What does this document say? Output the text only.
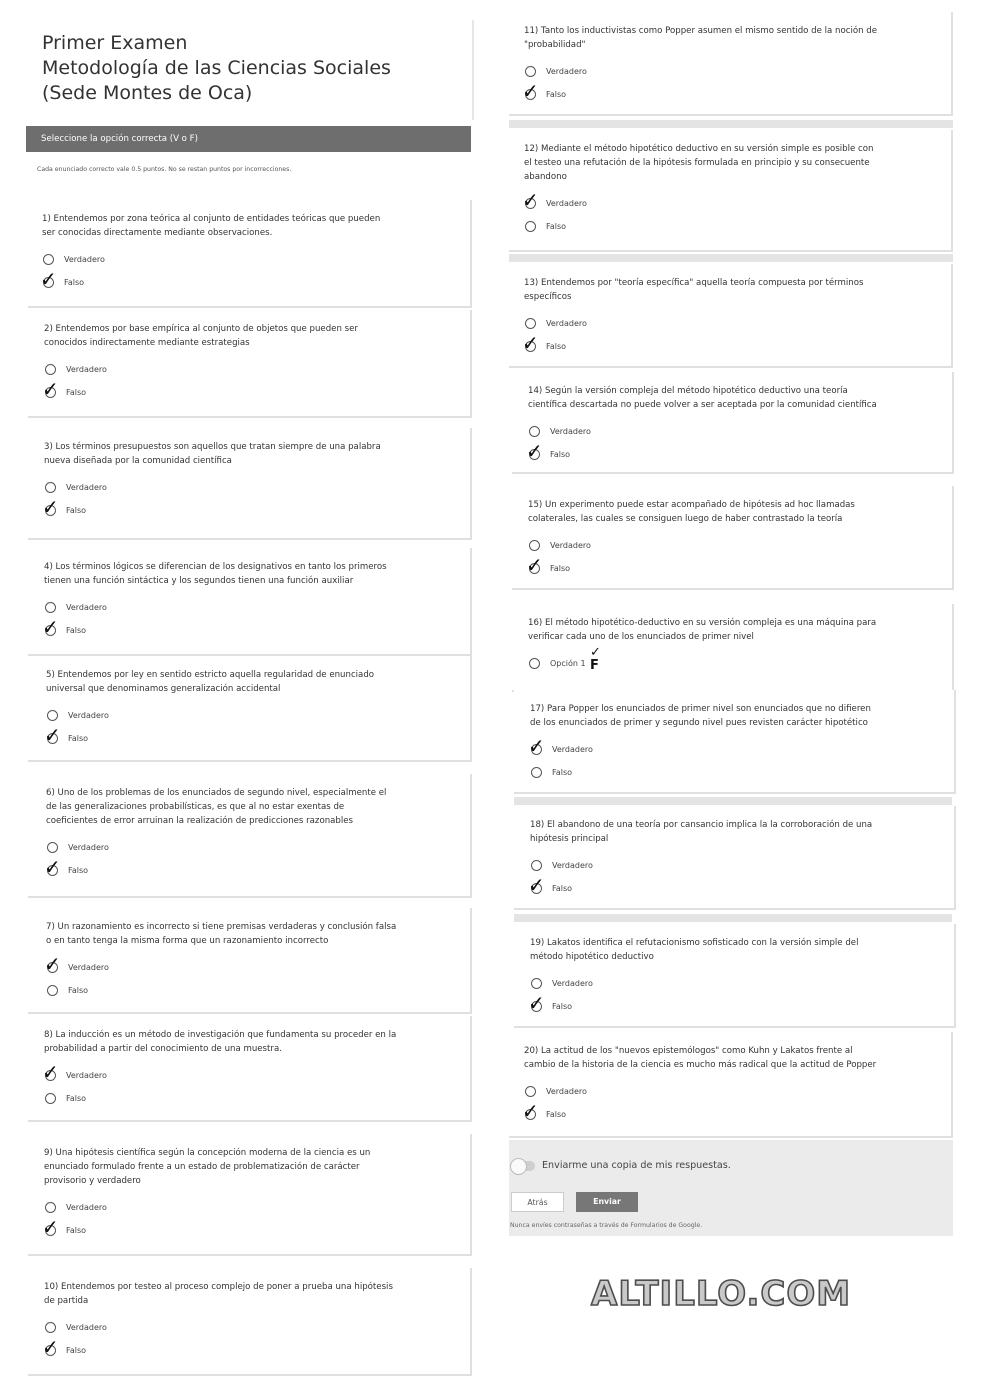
Primer Examen
Metodología de las Ciencias Sociales
(Sede Montes de Oca)
Seleccione la opción correcta (V o F)
Cada enunciado correcto vale 0.5 puntos. No se restan puntos por incorrecciones.
1) Entendemos por zona teórica al conjunto de entidades teóricas que pueden
ser conocidas directamente mediante observaciones.
Verdadero
✓ Falso
2) Entendemos por base empírica al conjunto de objetos que pueden ser
conocidos indirectamente mediante estrategias
Verdadero
✓ Falso
3) Los términos presupuestos son aquellos que tratan siempre de una palabra
nueva diseñada por la comunidad científica
Verdadero
✓ Falso
4) Los términos lógicos se diferencian de los designativos en tanto los primeros
tienen una función sintáctica y los segundos tienen una función auxiliar
Verdadero
✓ Falso
5) Entendemos por ley en sentido estricto aquella regularidad de enunciado
universal que denominamos generalización accidental
Verdadero
✓ Falso
6) Uno de los problemas de los enunciados de segundo nivel, especialmente el
de las generalizaciones probabilísticas, es que al no estar exentas de
coeficientes de error arruinan la realización de predicciones razonables
Verdadero
✓ Falso
7) Un razonamiento es incorrecto si tiene premisas verdaderas y conclusión falsa
o en tanto tenga la misma forma que un razonamiento incorrecto
✓ Verdadero
Falso
8) La inducción es un método de investigación que fundamenta su proceder en la
probabilidad a partir del conocimiento de una muestra.
✓ Verdadero
Falso
9) Una hipótesis científica según la concepción moderna de la ciencia es un
enunciado formulado frente a un estado de problematización de carácter
provisorio y verdadero
Verdadero
✓ Falso
10) Entendemos por testeo al proceso complejo de poner a prueba una hipótesis
de partida
Verdadero
✓ Falso
11) Tanto los inductivistas como Popper asumen el mismo sentido de la noción de
"probabilidad"
Verdadero
✓ Falso
12) Mediante el método hipotético deductivo en su versión simple es posible con
el testeo una refutación de la hipótesis formulada en principio y su consecuente
abandono
✓ Verdadero
Falso
13) Entendemos por "teoría específica" aquella teoría compuesta por términos
específicos
Verdadero
✓ Falso
14) Según la versión compleja del método hipotético deductivo una teoría
científica descartada no puede volver a ser aceptada por la comunidad científica
Verdadero
✓ Falso
15) Un experimento puede estar acompañado de hipótesis ad hoc llamadas
colaterales, las cuales se consiguen luego de haber contrastado la teoría
Verdadero
✓ Falso
16) El método hipotético-deductivo en su versión compleja es una máquina para
verificar cada uno de los enunciados de primer nivel
Opción 1
✓
F
17) Para Popper los enunciados de primer nivel son enunciados que no difieren
de los enunciados de primer y segundo nivel pues revisten carácter hipotético
✓ Verdadero
Falso
18) El abandono de una teoría por cansancio implica la la corroboración de una
hipótesis principal
Verdadero
✓ Falso
19) Lakatos identifica el refutacionismo sofisticado con la versión simple del
método hipotético deductivo
Verdadero
✓ Falso
20) La actitud de los "nuevos epistemólogos" como Kuhn y Lakatos frente al
cambio de la historia de la ciencia es mucho más radical que la actitud de Popper
Verdadero
✓ Falso
Enviarme una copia de mis respuestas.
Atrás	Enviar
Nunca envíes contraseñas a través de Formularios de Google.
ALTILLO.COM
